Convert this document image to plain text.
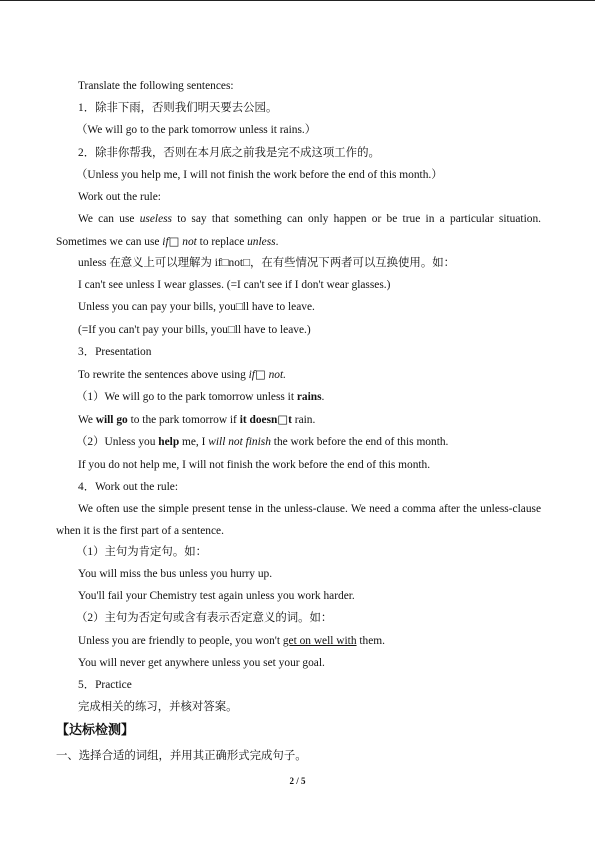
Translate the following sentences:
1．除非下雨，否则我们明天要去公园。
（We will go to the park tomorrow unless it rains.）
2．除非你帮我，否则在本月底之前我是完不成这项工作的。
（Unless you help me, I will not finish the work before the end of this month.）
Work out the rule:
We can use useless to say that something can only happen or be true in a particular situation. Sometimes we can use if□ not to replace unless.
unless 在意义上可以理解为 if□not□，在有些情况下两者可以互换使用。如：
I can't see unless I wear glasses. (=I can't see if I don't wear glasses.)
Unless you can pay your bills, you□ll have to leave.
(=If you can't pay your bills, you□ll have to leave.)
3．Presentation
To rewrite the sentences above using if□ not.
（1）We will go to the park tomorrow unless it rains.
We will go to the park tomorrow if it doesn□t rain.
（2）Unless you help me, I will not finish the work before the end of this month.
If you do not help me, I will not finish the work before the end of this month.
4．Work out the rule:
We often use the simple present tense in the unless-clause. We need a comma after the unless-clause when it is the first part of a sentence.
（1）主句为肯定句。如：
You will miss the bus unless you hurry up.
You'll fail your Chemistry test again unless you work harder.
（2）主句为否定句或含有表示否定意义的词。如：
Unless you are friendly to people, you won't get on well with them.
You will never get anywhere unless you set your goal.
5．Practice
完成相关的练习，并核对答案。
【达标检测】
一、选择合适的词组，并用其正确形式完成句子。
2 / 5
